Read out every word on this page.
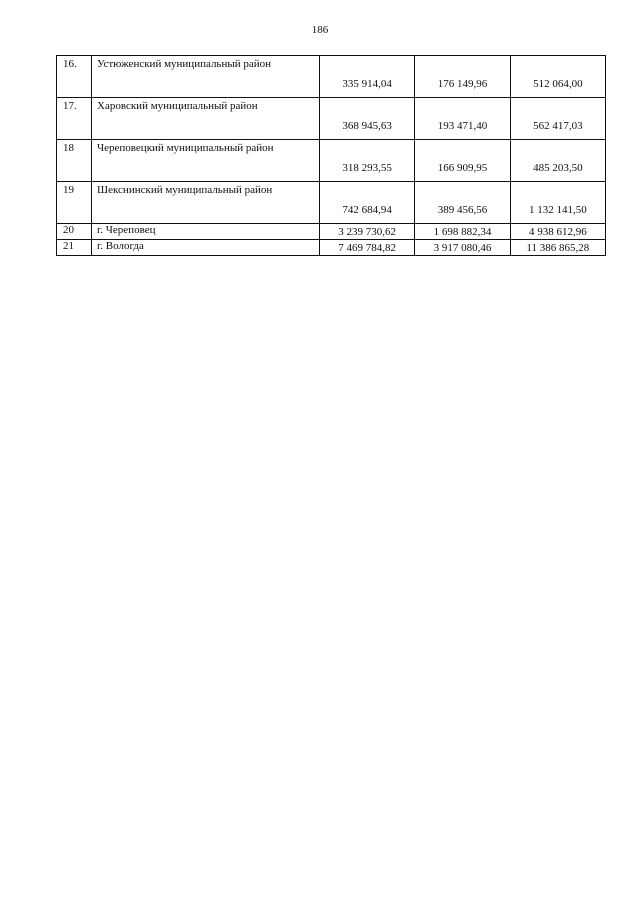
186
16.	Устюженский муниципальный район	335 914,04	176 149,96	512 064,00
17.	Харовский муниципальный район	368 945,63	193 471,40	562 417,03
18	Череповецкий муниципальный район	318 293,55	166 909,95	485 203,50
19	Шекснинский муниципальный район	742 684,94	389 456,56	1 132 141,50
20	г. Череповец	3 239 730,62	1 698 882,34	4 938 612,96
21	г. Вологда	7 469 784,82	3 917 080,46	11 386 865,28
